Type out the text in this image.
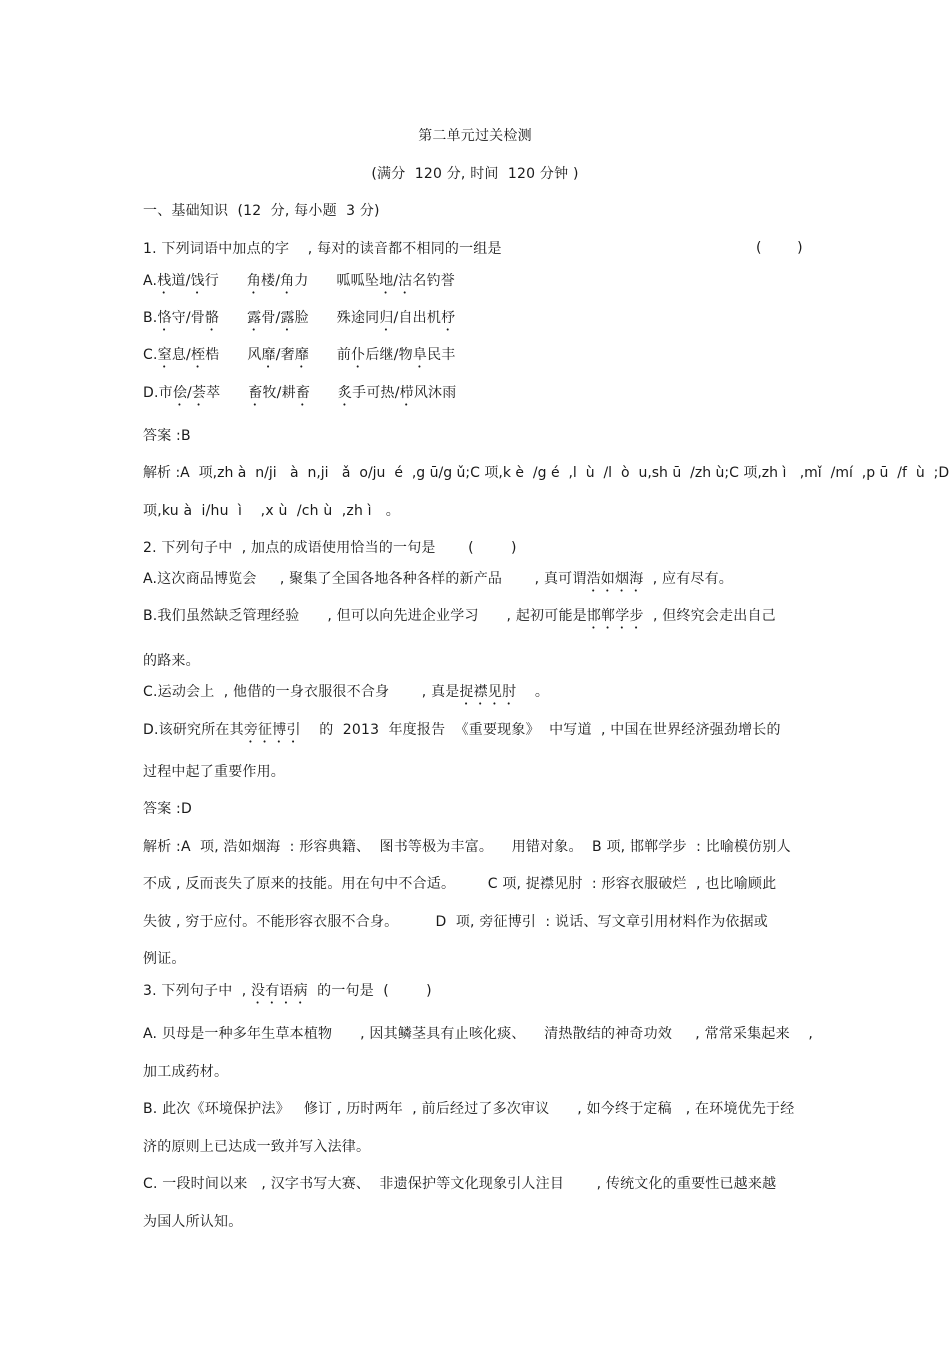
第二单元过关检测
(满分  120 分, 时间  120 分钟 )
一、基础知识  (12  分, 每小题  3 分)
1. 下列词语中加点的字    , 每对的读音都不相同的一组是	(        )
A.栈道/饯行      角楼/角力      呱呱坠地/沽名钓誉
B.恪守/骨骼 露骨/露脸      殊途同归/自出机杼
C.窒息/桎梏      风靡/奢靡      前仆后继/物阜民丰
D.市侩/荟萃      畜牧/耕畜 炙手可热/栉风沐雨
答案 :B
解析 :A  项,zh à  n/ji   à  n,ji   ǎ  o/ju  é  ,g ū/g ǔ;C 项,k è  /g é  ,l  ù  /l  ò  u,sh ū  /zh ù;C 项,zh ì   ,mǐ  /mí  ,p ū  /f  ù  ;D
项,ku à  i/hu  ì    ,x ù  /ch ù  ,zh ì   。
2. 下列句子中  , 加点的成语使用恰当的一句是       (        )
A.这次商品博览会     , 聚集了全国各地各种各样的新产品       , 真可谓浩如烟海  , 应有尽有。
B.我们虽然缺乏管理经验      , 但可以向先进企业学习      , 起初可能是邯郸学步  , 但终究会走出自己
的路来。
C.运动会上  , 他借的一身衣服很不合身       , 真是捉襟见肘    。
D.该研究所在其旁征博引    的  2013  年度报告  《重要现象》  中写道  , 中国在世界经济强劲增长的
过程中起了重要作用。
答案 :D
解析 :A  项, 浩如烟海  : 形容典籍、  图书等极为丰富。    用错对象。  B 项, 邯郸学步  : 比喻模仿别人
不成 , 反而丧失了原来的技能。用在句中不合适。       C 项, 捉襟见肘  : 形容衣服破烂  , 也比喻顾此
失彼 , 穷于应付。不能形容衣服不合身。        D  项, 旁征博引  : 说话、写文章引用材料作为依据或
例证。
3. 下列句子中  , 没有语病  的一句是  (        )
A. 贝母是一种多年生草本植物      , 因其鳞茎具有止咳化痰、    清热散结的神奇功效     , 常常采集起来    ,
加工成药材。
B. 此次《环境保护法》   修订 , 历时两年  , 前后经过了多次审议      , 如今终于定稿   , 在环境优先于经
济的原则上已达成一致并写入法律。
C. 一段时间以来   , 汉字书写大赛、  非遗保护等文化现象引人注目       , 传统文化的重要性已越来越
为国人所认知。
